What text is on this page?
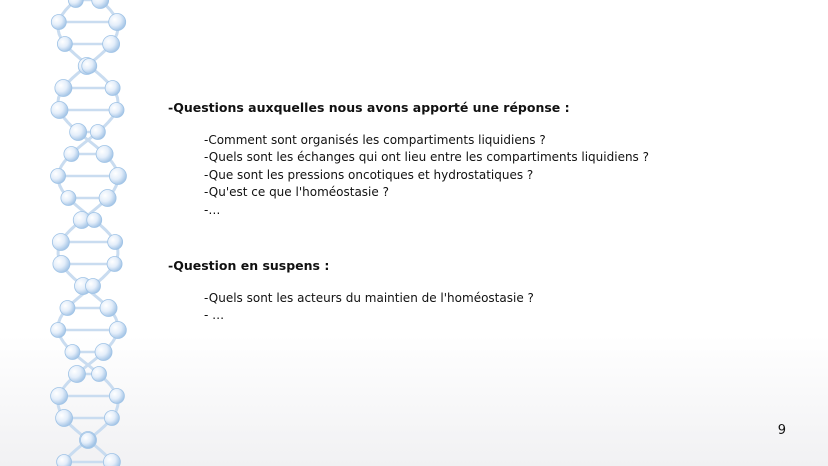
-Questions auxquelles nous avons apporté une réponse :

-Comment sont organisés les compartiments liquidiens ?
-Quels sont les échanges qui ont lieu entre les compartiments liquidiens ?
-Que sont les pressions oncotiques et hydrostatiques ?
-Qu'est ce que l'homéostasie ?
-…

-Question en suspens :

-Quels sont les acteurs du maintien de l'homéostasie ?
- …
9
